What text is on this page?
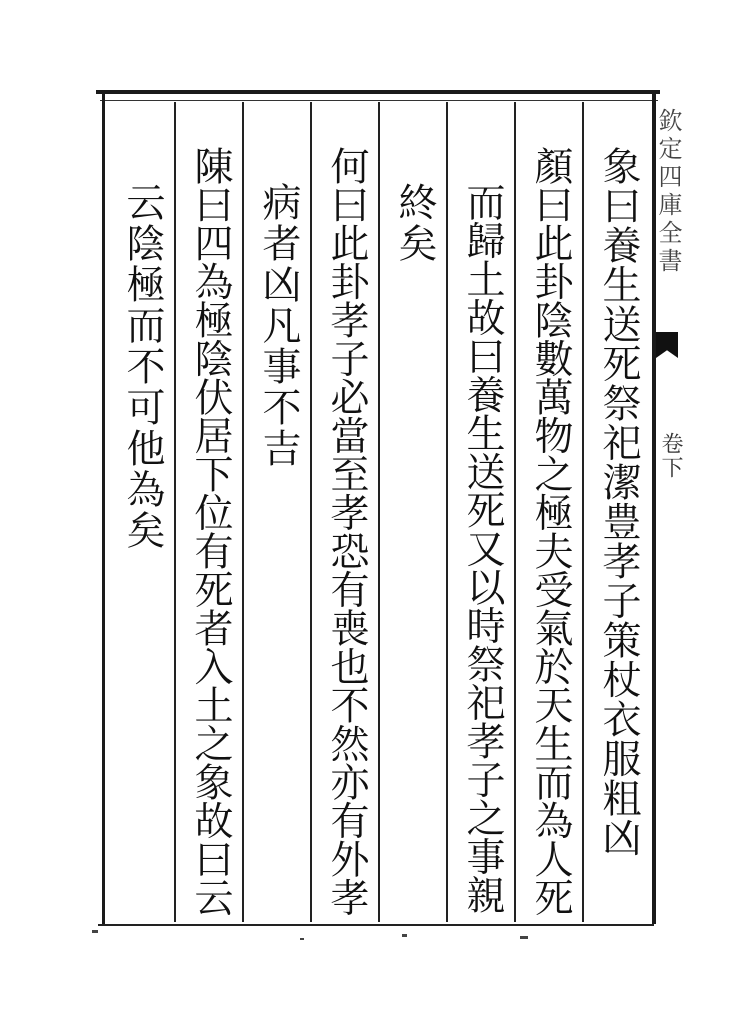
欽定四庫全書
卷下
象曰養生送死祭祀潔豊孝子策杖衣服粗凶
顏曰此卦陰數萬物之極夫受氣於天生而為人死
而歸土故曰養生送死又以時祭祀孝子之事親
終矣
何曰此卦孝子必當至孝恐有喪也不然亦有外孝
病者凶凡事不吉
陳曰四為極陰伏居下位有死者入土之象故曰云
云陰極而不可他為矣
